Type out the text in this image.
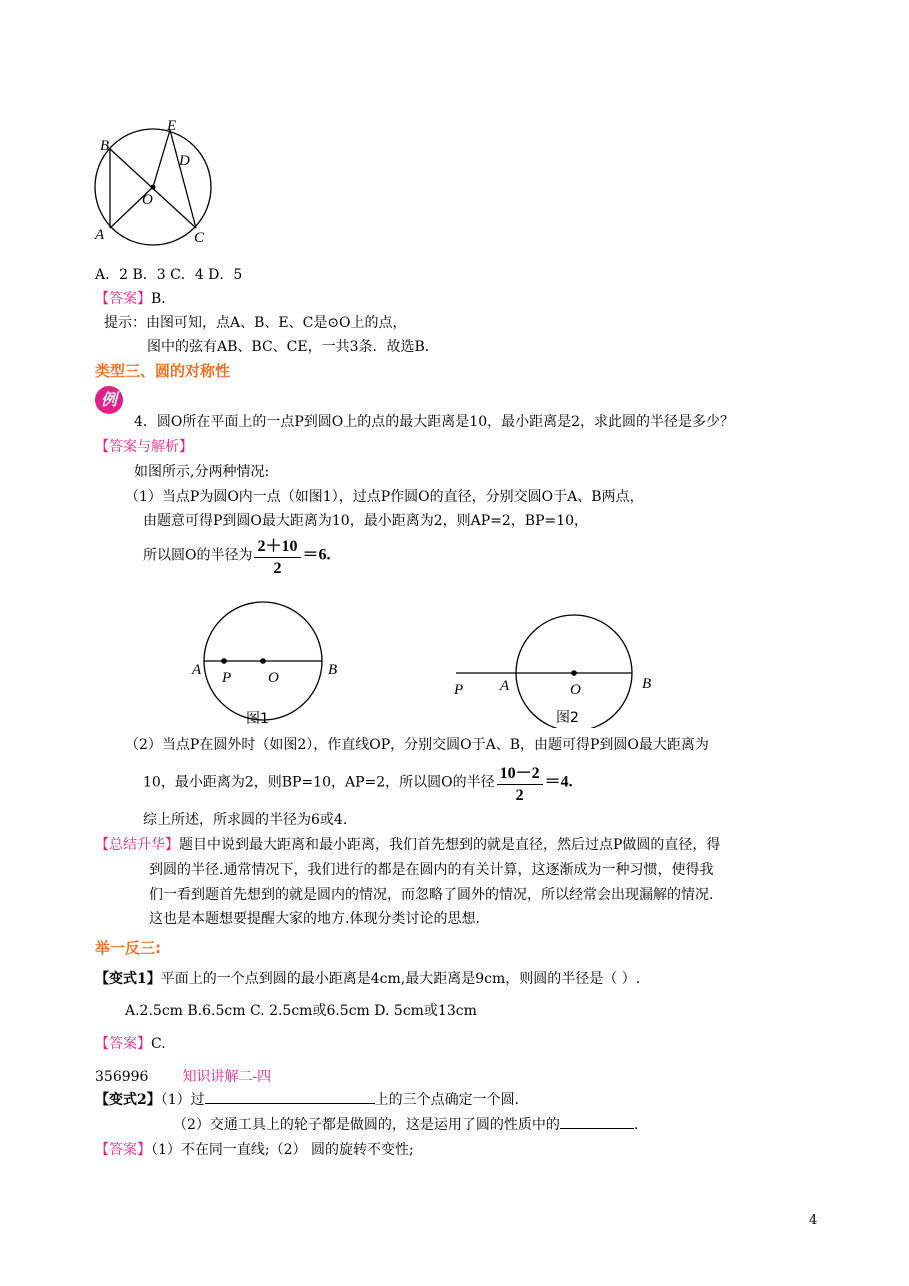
E
B
D
O
A	C
A．2 B．3 C．4 D．5
【答案】B.
提示：由图可知，点A、B、E、C是⊙O上的点，
图中的弦有AB、BC、CE，一共3条．故选B．
类型三、圆的对称性
例
4．圆O所在平面上的一点P到圆O上的点的最大距离是10，最小距离是2，求此圆的半径是多少？
【答案与解析】
如图所示,分两种情况:
（1）当点P为圆O内一点（如图1），过点P作圆O的直径，分别交圆O于A、B两点，
由题意可得P到圆O最大距离为10，最小距离为2，则AP=2，BP=10，
所以圆O的半径为 $\frac{2+10}{2} =6$.
A P O	B
图1
P A	O	B
图2
（2）当点P在圆外时（如图2），作直线OP，分别交圆O于A、B，由题可得P到圆O最大距离为
10，最小距离为2，则BP=10，AP=2，所以圆O的半径 $\frac{10-2}{2} =4$.
综上所述，所求圆的半径为6或4.
【总结升华】题目中说到最大距离和最小距离，我们首先想到的就是直径，然后过点P做圆的直径，得
到圆的半径.通常情况下，我们进行的都是在圆内的有关计算，这逐渐成为一种习惯，使得我
们一看到题首先想到的就是圆内的情况，而忽略了圆外的情况，所以经常会出现漏解的情况.
这也是本题想要提醒大家的地方.体现分类讨论的思想.
举一反三:
【变式1】平面上的一个点到圆的最小距离是4cm,最大距离是9cm，则圆的半径是（ ）.
A.2.5cm B.6.5cm C. 2.5cm或6.5cm D. 5cm或13cm
【答案】C.
356996 知识讲解二-四
【变式2】（1）过	上的三个点确定一个圆．
（2）交通工具上的轮子都是做圆的，这是运用了圆的性质中的	.
【答案】（1）不在同一直线;（2） 圆的旋转不变性;
4
